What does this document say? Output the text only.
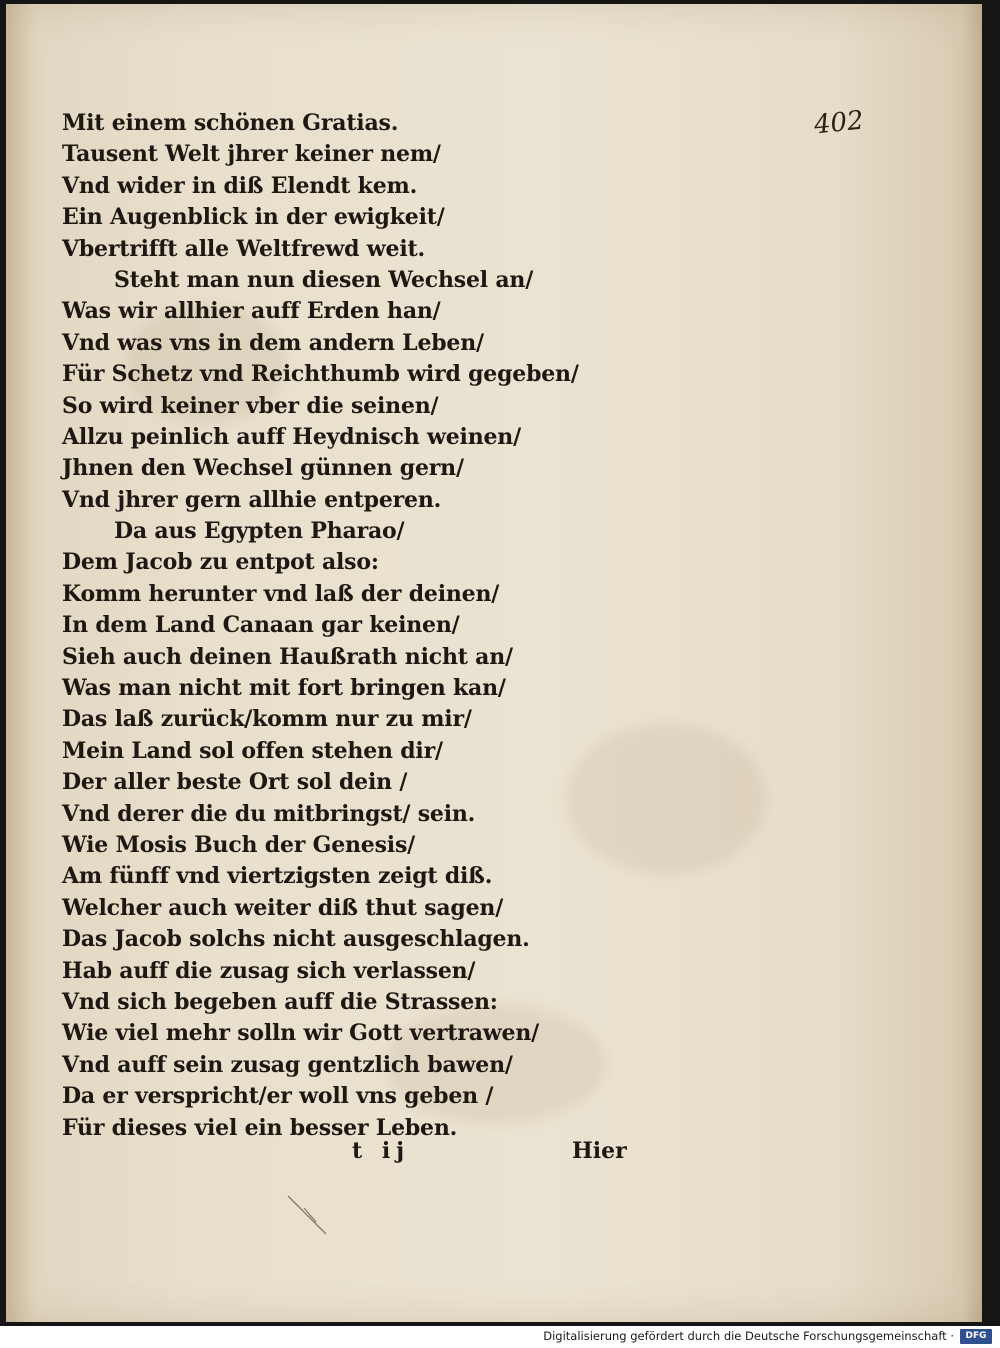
402
Mit einem schönen Gratias.
Tausent Welt jhrer keiner nem/
Vnd wider in diß Elendt kem.
Ein Augenblick in der ewigkeit/
Vbertrifft alle Weltfrewd weit.
Steht man nun diesen Wechsel an/
Was wir allhier auff Erden han/
Vnd was vns in dem andern Leben/
Für Schetz vnd Reichthumb wird gegeben/
So wird keiner vber die seinen/
Allzu peinlich auff Heydnisch weinen/
Jhnen den Wechsel günnen gern/
Vnd jhrer gern allhie entperen.
Da aus Egypten Pharao/
Dem Jacob zu entpot also:
Komm herunter vnd laß der deinen/
In dem Land Canaan gar keinen/
Sieh auch deinen Haußrath nicht an/
Was man nicht mit fort bringen kan/
Das laß zurück/komm nur zu mir/
Mein Land sol offen stehen dir/
Der aller beste Ort sol dein /
Vnd derer die du mitbringst/ sein.
Wie Mosis Buch der Genesis/
Am fünff vnd viertzigsten zeigt diß.
Welcher auch weiter diß thut sagen/
Das Jacob solchs nicht ausgeschlagen.
Hab auff die zusag sich verlassen/
Vnd sich begeben auff die Strassen:
Wie viel mehr solln wir Gott vertrawen/
Vnd auff sein zusag gentzlich bawen/
Da er verspricht/er woll vns geben /
Für dieses viel ein besser Leben.
t ij	Hier
Digitalisierung gefördert durch die Deutsche Forschungsgemeinschaft ·	DFG
